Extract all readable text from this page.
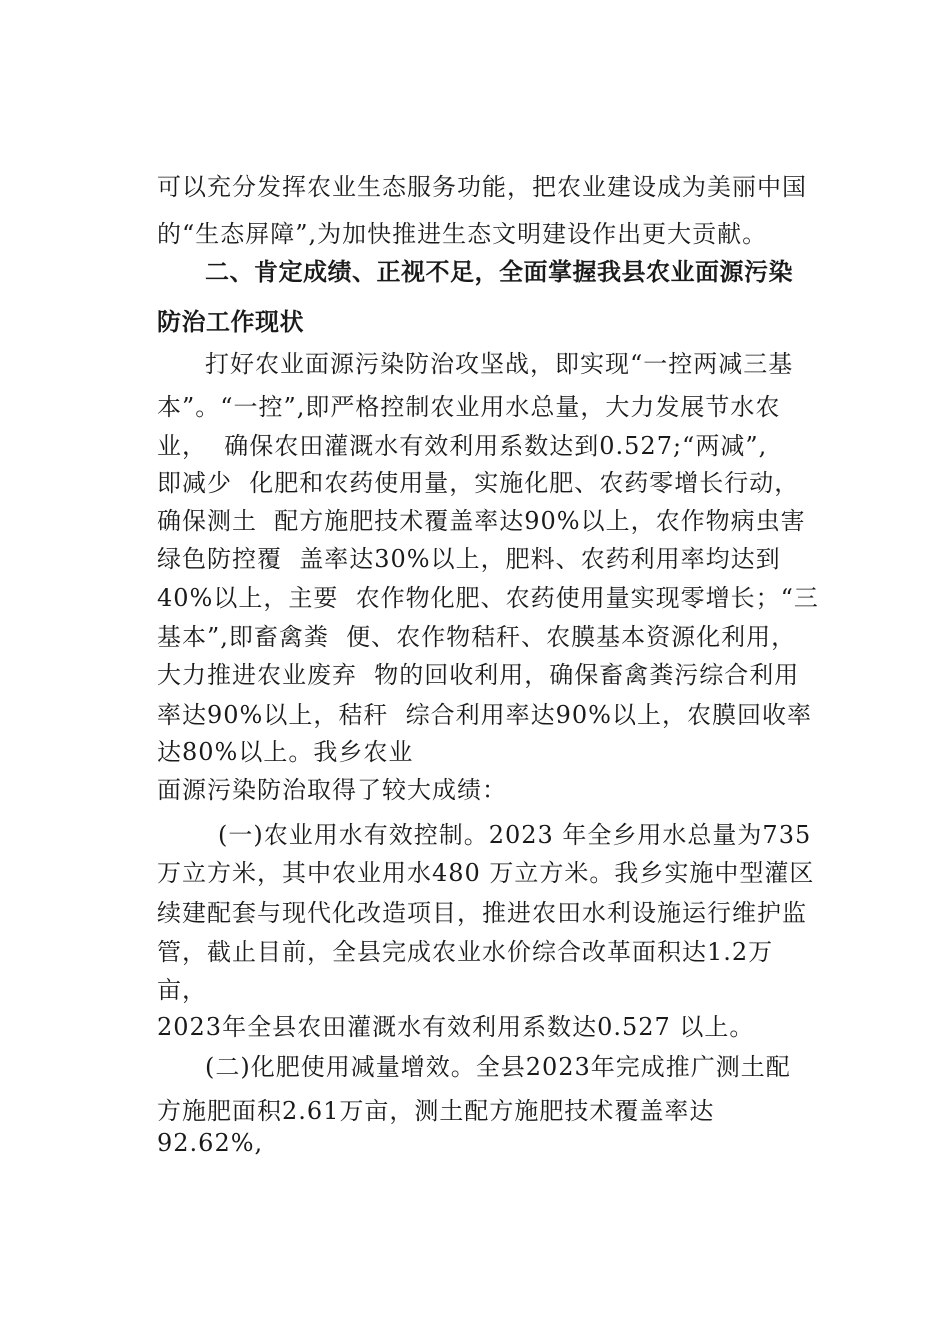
可以充分发挥农业生态服务功能，把农业建设成为美丽中国
的“生态屏障”,为加快推进生态文明建设作出更大贡献。
二、肯定成绩、正视不足，全面掌握我县农业面源污染
防治工作现状
打好农业面源污染防治攻坚战，即实现“一控两减三基
本”。“一控”,即严格控制农业用水总量，大力发展节水农
业，  确保农田灌溉水有效利用系数达到0.527;“两减”,
即减少  化肥和农药使用量，实施化肥、农药零增长行动，
确保测土  配方施肥技术覆盖率达90%以上，农作物病虫害
绿色防控覆  盖率达30%以上，肥料、农药利用率均达到
40%以上，主要  农作物化肥、农药使用量实现零增长；“三
基本”,即畜禽粪  便、农作物秸秆、农膜基本资源化利用，
大力推进农业废弃  物的回收利用，确保畜禽粪污综合利用
率达90%以上，秸秆  综合利用率达90%以上，农膜回收率
达80%以上。我乡农业
面源污染防治取得了较大成绩：
(一)农业用水有效控制。2023 年全乡用水总量为735
万立方米，其中农业用水480 万立方米。我乡实施中型灌区
续建配套与现代化改造项目，推进农田水利设施运行维护监
管，截止目前，全县完成农业水价综合改革面积达1.2万
亩，
2023年全县农田灌溉水有效利用系数达0.527 以上。
(二)化肥使用减量增效。全县2023年完成推广测土配
方施肥面积2.61万亩，测土配方施肥技术覆盖率达
92.62%,
